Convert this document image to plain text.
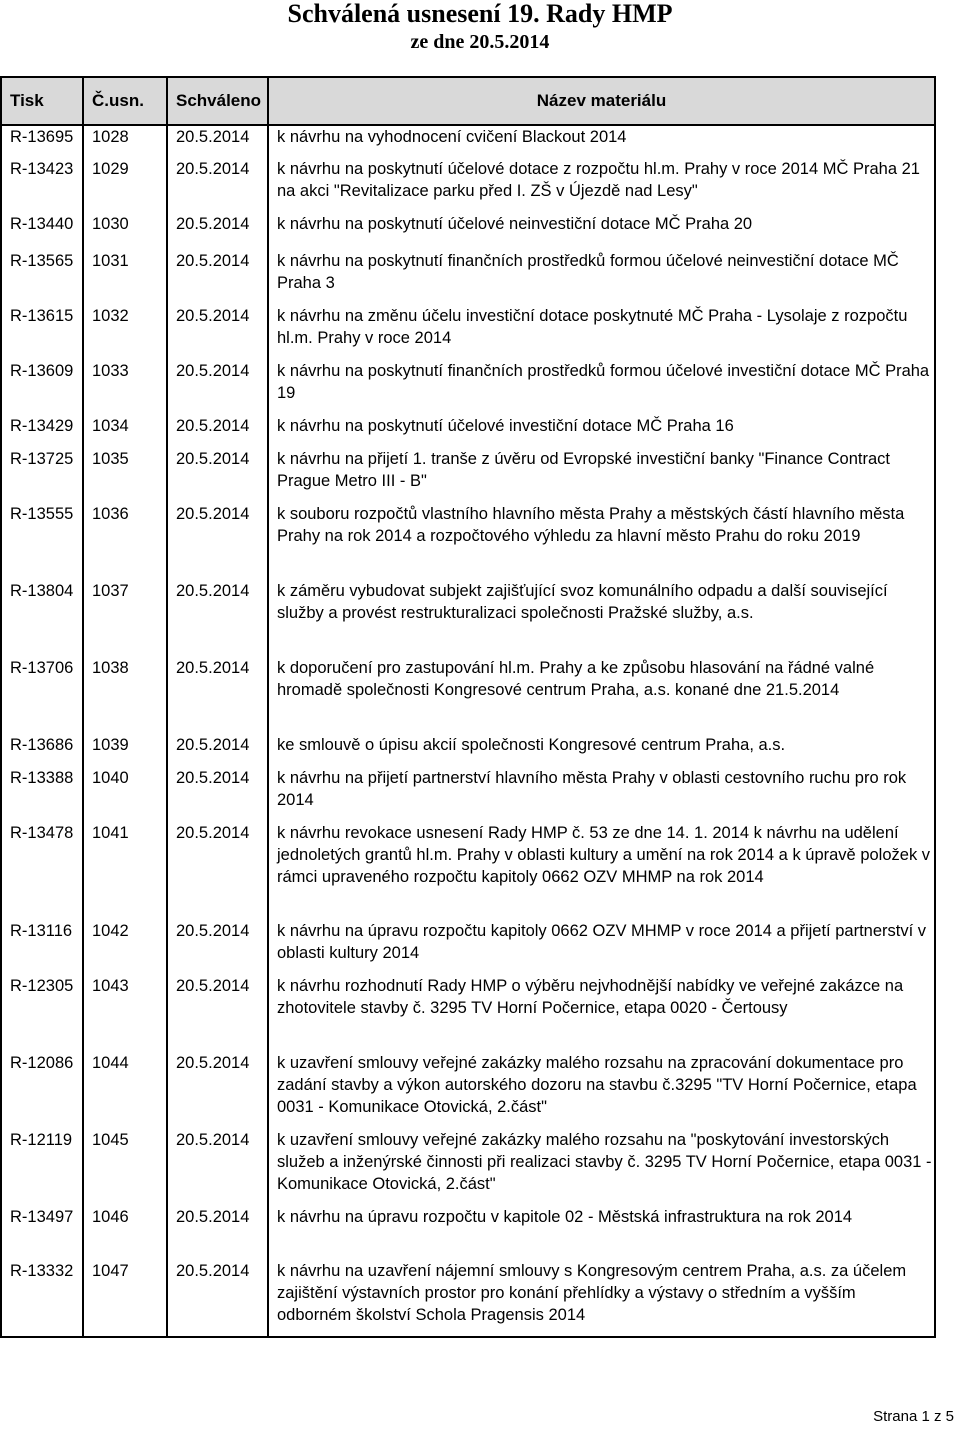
Schválená usnesení 19. Rady HMP
ze dne 20.5.2014
Tisk	Č.usn.	Schváleno	Název materiálu
R-13695	1028	20.5.2014	k návrhu na vyhodnocení cvičení Blackout 2014
R-13423	1029	20.5.2014	k návrhu na poskytnutí účelové dotace z rozpočtu hl.m. Prahy v roce 2014 MČ Praha 21 na akci "Revitalizace parku před I. ZŠ v Újezdě nad Lesy"
R-13440	1030	20.5.2014	k návrhu na poskytnutí účelové neinvestiční dotace MČ Praha 20
R-13565	1031	20.5.2014	k návrhu na poskytnutí finančních prostředků formou účelové neinvestiční dotace MČ Praha 3
R-13615	1032	20.5.2014	k návrhu na změnu účelu investiční dotace poskytnuté MČ Praha - Lysolaje z rozpočtu hl.m. Prahy v roce 2014
R-13609	1033	20.5.2014	k návrhu na poskytnutí finančních prostředků formou účelové investiční dotace MČ Praha 19
R-13429	1034	20.5.2014	k návrhu na poskytnutí účelové investiční dotace MČ Praha 16
R-13725	1035	20.5.2014	k návrhu na přijetí 1. tranše z úvěru od Evropské investiční banky "Finance Contract Prague Metro III - B"
R-13555	1036	20.5.2014	k souboru rozpočtů vlastního hlavního města Prahy a městských částí hlavního města Prahy na rok 2014 a rozpočtového výhledu za hlavní město Prahu do roku 2019
R-13804	1037	20.5.2014	k záměru vybudovat subjekt zajišťující svoz komunálního odpadu a další související služby a provést restrukturalizaci společnosti Pražské služby, a.s.
R-13706	1038	20.5.2014	k doporučení pro zastupování hl.m. Prahy a ke způsobu hlasování na řádné valné hromadě společnosti Kongresové centrum Praha, a.s. konané dne 21.5.2014
R-13686	1039	20.5.2014	ke smlouvě o úpisu akcií společnosti Kongresové centrum Praha, a.s.
R-13388	1040	20.5.2014	k návrhu na přijetí partnerství hlavního města Prahy v oblasti cestovního ruchu pro rok 2014
R-13478	1041	20.5.2014	k návrhu revokace usnesení Rady HMP č. 53 ze dne 14. 1. 2014 k návrhu na udělení jednoletých grantů hl.m. Prahy v oblasti kultury a umění na rok 2014 a k úpravě položek v rámci upraveného rozpočtu kapitoly 0662 OZV MHMP na rok 2014
R-13116	1042	20.5.2014	k návrhu na úpravu rozpočtu kapitoly 0662 OZV MHMP v roce 2014 a přijetí partnerství v oblasti kultury 2014
R-12305	1043	20.5.2014	k návrhu rozhodnutí Rady HMP o výběru nejvhodnější nabídky ve veřejné zakázce na zhotovitele stavby č. 3295 TV Horní Počernice, etapa 0020 - Čertousy
R-12086	1044	20.5.2014	k uzavření smlouvy veřejné zakázky malého rozsahu na zpracování dokumentace pro zadání stavby a výkon autorského dozoru na stavbu č.3295 "TV Horní Počernice, etapa 0031 - Komunikace Otovická, 2.část"
R-12119	1045	20.5.2014	k uzavření smlouvy veřejné zakázky malého rozsahu na "poskytování investorských služeb a inženýrské činnosti při realizaci stavby č. 3295 TV Horní Počernice, etapa 0031 - Komunikace Otovická, 2.část"
R-13497	1046	20.5.2014	k návrhu na úpravu rozpočtu v kapitole 02 - Městská infrastruktura na rok 2014
R-13332	1047	20.5.2014	k návrhu na uzavření nájemní smlouvy s Kongresovým centrem Praha, a.s. za účelem zajištění výstavních prostor pro konání přehlídky a výstavy o středním a vyšším odborném školství Schola Pragensis 2014
Strana 1 z 5
